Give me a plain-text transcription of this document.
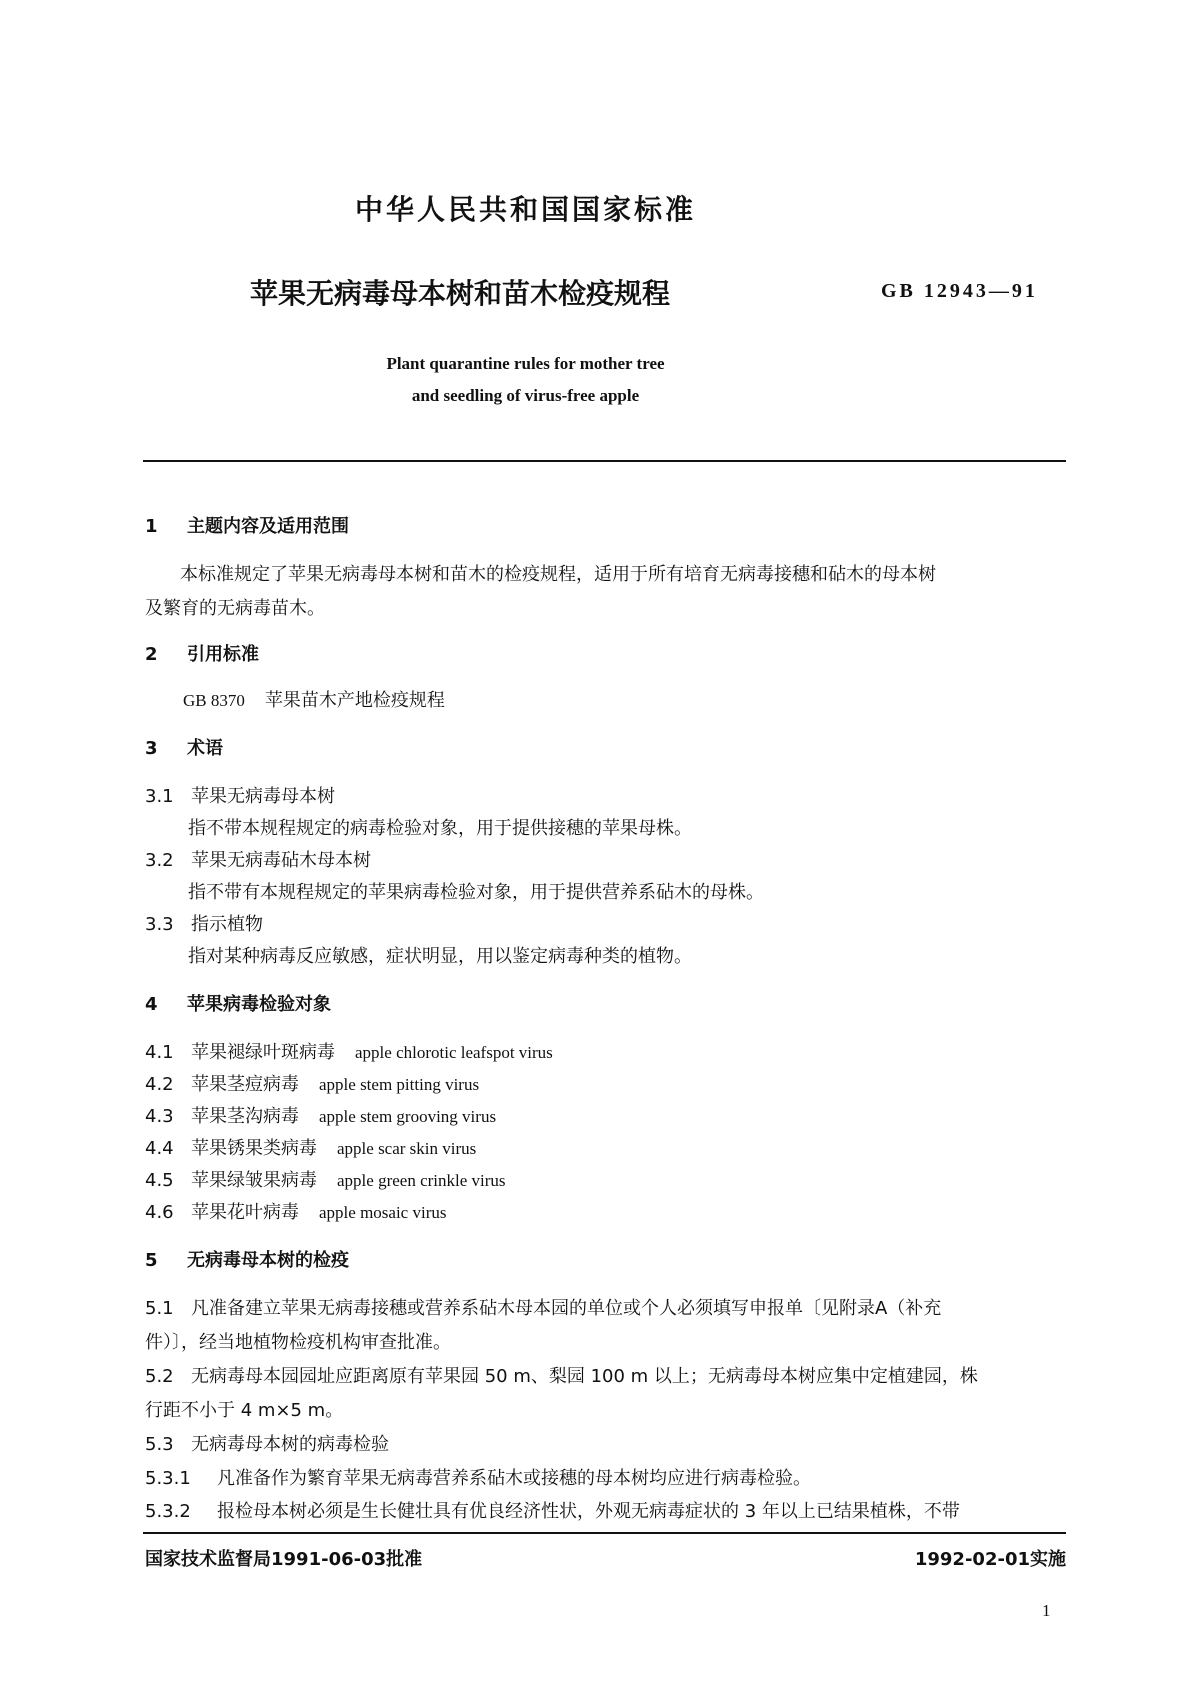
中华人民共和国国家标准
苹果无病毒母本树和苗木检疫规程	GB 12943—91
Plant quarantine rules for mother tree
and seedling of virus-free apple
1 主题内容及适用范围
本标准规定了苹果无病毒母本树和苗木的检疫规程，适用于所有培育无病毒接穗和砧木的母本树
及繁育的无病毒苗木。
2 引用标准
GB 8370 苹果苗木产地检疫规程
3 术语
3.1 苹果无病毒母本树
指不带本规程规定的病毒检验对象，用于提供接穗的苹果母株。
3.2 苹果无病毒砧木母本树
指不带有本规程规定的苹果病毒检验对象，用于提供营养系砧木的母株。
3.3 指示植物
指对某种病毒反应敏感，症状明显，用以鉴定病毒种类的植物。
4 苹果病毒检验对象
4.1 苹果褪绿叶斑病毒 apple chlorotic leafspot virus
4.2 苹果茎痘病毒 apple stem pitting virus
4.3 苹果茎沟病毒 apple stem grooving virus
4.4 苹果锈果类病毒 apple scar skin virus
4.5 苹果绿皱果病毒 apple green crinkle virus
4.6 苹果花叶病毒 apple mosaic virus
5 无病毒母本树的检疫
5.1 凡准备建立苹果无病毒接穗或营养系砧木母本园的单位或个人必须填写申报单〔见附录A（补充
件）〕，经当地植物检疫机构审查批准。
5.2 无病毒母本园园址应距离原有苹果园 50 m、梨园 100 m 以上；无病毒母本树应集中定植建园，株
行距不小于 4 m×5 m。
5.3 无病毒母本树的病毒检验
5.3.1 凡准备作为繁育苹果无病毒营养系砧木或接穗的母本树均应进行病毒检验。
5.3.2 报检母本树必须是生长健壮具有优良经济性状，外观无病毒症状的 3 年以上已结果植株，不带
国家技术监督局1991-06-03批准	1992-02-01实施
1
